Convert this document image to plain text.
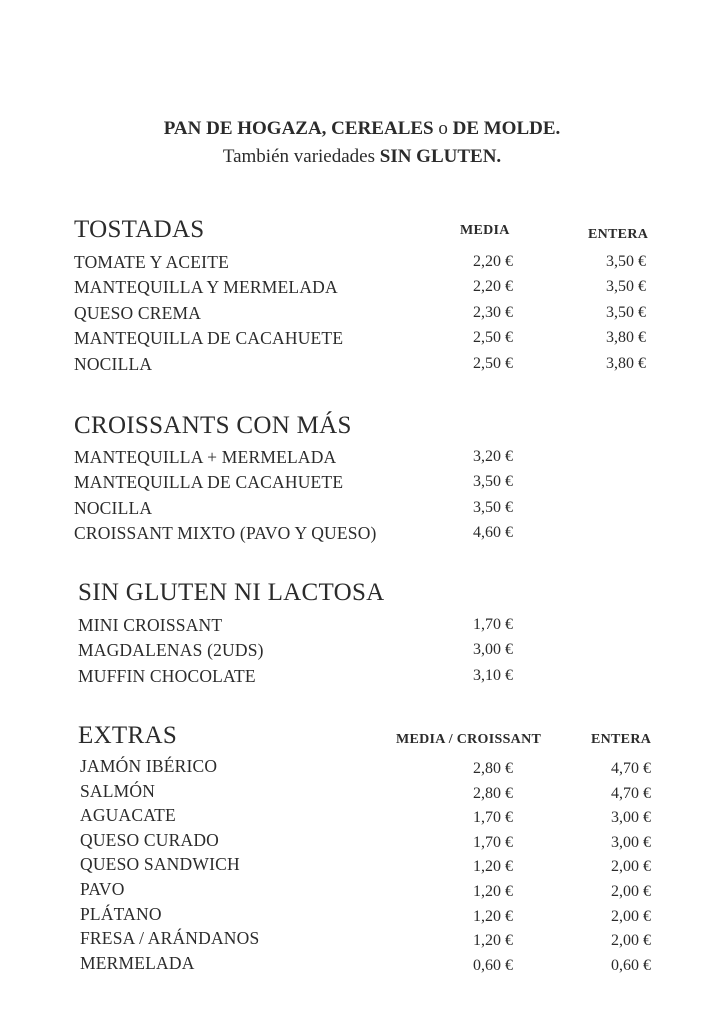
PAN DE HOGAZA, CEREALES o DE MOLDE.
También variedades SIN GLUTEN.
TOSTADAS	MEDIA	ENTERA
TOMATE Y ACEITE	2,20 €	3,50 €
MANTEQUILLA Y MERMELADA	2,20 €	3,50 €
QUESO CREMA	2,30 €	3,50 €
MANTEQUILLA DE CACAHUETE	2,50 €	3,80 €
NOCILLA	2,50 €	3,80 €
CROISSANTS CON MÁS
MANTEQUILLA + MERMELADA	3,20 €
MANTEQUILLA DE CACAHUETE	3,50 €
NOCILLA	3,50 €
CROISSANT MIXTO (PAVO Y QUESO)	4,60 €
SIN GLUTEN NI LACTOSA
MINI CROISSANT	1,70 €
MAGDALENAS (2UDS)	3,00 €
MUFFIN CHOCOLATE	3,10 €
EXTRAS	MEDIA / CROISSANT	ENTERA
JAMÓN IBÉRICO	2,80 €	4,70 €
SALMÓN	2,80 €	4,70 €
AGUACATE	1,70 €	3,00 €
QUESO CURADO	1,70 €	3,00 €
QUESO SANDWICH	1,20 €	2,00 €
PAVO	1,20 €	2,00 €
PLÁTANO	1,20 €	2,00 €
FRESA / ARÁNDANOS	1,20 €	2,00 €
MERMELADA	0,60 €	0,60 €
